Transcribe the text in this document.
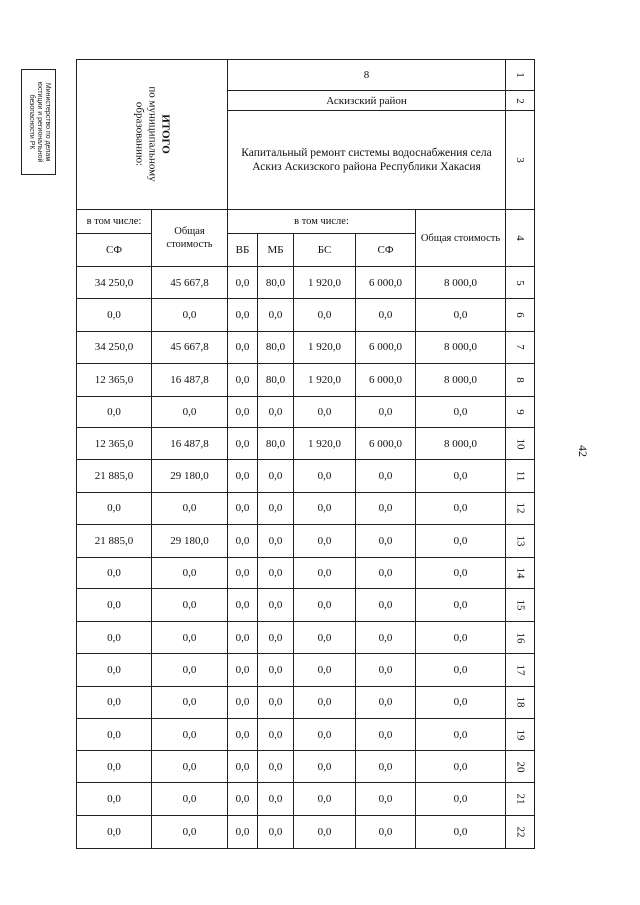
Министерство по делам
юстиции и региональной
безопасности РК
42
ИТОГО
по муниципальному образованию:		8					1
		Аскизский район					2
		Капитальный ремонт системы водоснабжения села Аскиз Аскизского района Республики Хакасия					3
в том числе:	Общая стоимость	в том числе:				Общая стоимость	4
СФ		ВБ	МБ	БС	СФ		
34 250,0	45 667,8	0,0	80,0	1 920,0	6 000,0	8 000,0	5
0,0	0,0	0,0	0,0	0,0	0,0	0,0	6
34 250,0	45 667,8	0,0	80,0	1 920,0	6 000,0	8 000,0	7
12 365,0	16 487,8	0,0	80,0	1 920,0	6 000,0	8 000,0	8
0,0	0,0	0,0	0,0	0,0	0,0	0,0	9
12 365,0	16 487,8	0,0	80,0	1 920,0	6 000,0	8 000,0	10
21 885,0	29 180,0	0,0	0,0	0,0	0,0	0,0	11
0,0	0,0	0,0	0,0	0,0	0,0	0,0	12
21 885,0	29 180,0	0,0	0,0	0,0	0,0	0,0	13
0,0	0,0	0,0	0,0	0,0	0,0	0,0	14
0,0	0,0	0,0	0,0	0,0	0,0	0,0	15
0,0	0,0	0,0	0,0	0,0	0,0	0,0	16
0,0	0,0	0,0	0,0	0,0	0,0	0,0	17
0,0	0,0	0,0	0,0	0,0	0,0	0,0	18
0,0	0,0	0,0	0,0	0,0	0,0	0,0	19
0,0	0,0	0,0	0,0	0,0	0,0	0,0	20
0,0	0,0	0,0	0,0	0,0	0,0	0,0	21
0,0	0,0	0,0	0,0	0,0	0,0	0,0	22
